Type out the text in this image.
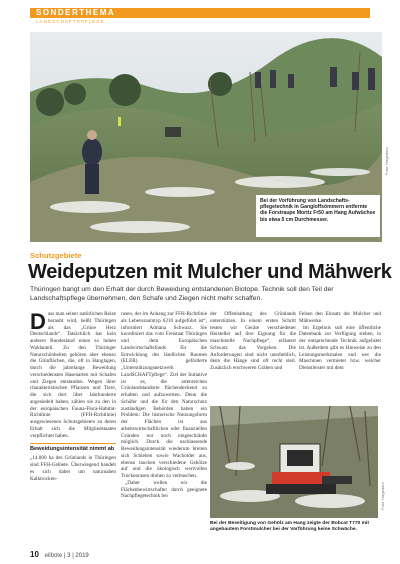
SONDERTHEMA
LANDSCHAFTSPFLEGE
Foto: Hagedorn
Bei der Vorführung von Landschafts-pflegetechnik in Gangloffsömmern entfernte die Forstraupe Moritz Fr50 am Hang Aufwüchse bis etwa 5 cm Durchmesser.
Schutzgebiete
Weideputzen mit Mulcher und Mähwerk
Thüringen bangt um den Erhalt der durch Beweidung entstandenen Biotope. Technik soll den Teil der Landschaftspflege übernehmen, den Schafe und Ziegen nicht mehr schaffen.

Dass man seiner natürlichen Reize beraubt wird, heißt Thüringen als das „Grüne Herz Deutschlands“. Tatsächlich hat kein anderes Bundesland einen so hohen Waldanteil. Zu den Thüringer Naturschönheiten gehören aber ebenso die Grünflächen, die, oft in Hanglagen, durch die jahrelange Beweidung verschiedensten Hasenarten mit Schafen und Ziegen entstanden. Wegen ihrer charakteristischen Pflanzen und Tiere, die sich dort über Jahrhunderte angesiedelt haben, zählen sie zu den in der europäischen Fauna-Flora-Habitat-Richtlinie (FFH-Richtlinie) ausgewiesenen Schutzgebieten zu deren Erhalt sich die Mitgliedstaaten verpflichtet haben.

Beweidungsintensität nimmt ab

„14.000 ha des Grünlands in Thüringen sind FFH-Gebiete. Überwiegend handelt es sich dabei um naturnahen Kalktrocken-

rasen, der im Anhang zur FFH-Richtlinie als Lebensraumtyp 6210 aufgeführt ist“, informiert Adriana Schwarz. Sie koordiniert das vom Freistaat Thüringen und dem Europäischen Landwirtschaftsfonds für die Entwicklung des ländlichen Raumes (ELER) geförderte „Unterstützungsnetzwerk LandSCHAFTpflege“. Ziel der Initiative ist es, die artenreichen Grünlandstandorte flächendeckend zu erhalten und aufzuwerten. Denn die Schäfer und die für den Naturschutz zuständigen Behörden haben ein Problem: Die historische Nutzungsform der Flächen ist aus arbeitswirtschaftlichen oder finanziellen Gründen nur noch eingeschränkt möglich. Durch die nachlassende Beweidungsintensität wiederum breiten sich Schlehen sowie Wacholder aus, ebenso tauchen verschiedene Gehölze auf und die ökologisch wertvollen Trockenrasen drohen zu verbuschen.

„Daher wollen wir die Flächenbewirtschafter durch geeignete Nachpflegetechnik bei

der Offenhaltung des Grünlands unterstützen. In einem ersten Schritt testen wir Geräte verschiedener Hersteller auf ihre Eignung für die maschinelle Nachpflege“, erläutert Schwarz das Vorgehen. Die Anforderungen sind nicht unerheblich, denn die Hänge sind oft recht steil. Zusätzlich erschweren Gräben und

Felsen den Einsatz der Mulcher und Mähwerke.

Im Ergebnis soll eine öffentliche Datenbank zur Verfügung stehen, in der entsprechende Technik aufgelistet ist. Außerdem gibt es Hinweise zu den Leistungsmerkmalen und wer die Maschinen vermietet bzw. welcher Dienstleister mit dem

Foto: Hagedorn
Bei der Beseitigung von Gehölz am Hang zeigte der Bobcat T770 mit angebautem Forstmulcher bei der Vorführung keine Schwäche.
10 eilbote | 3 | 2019
